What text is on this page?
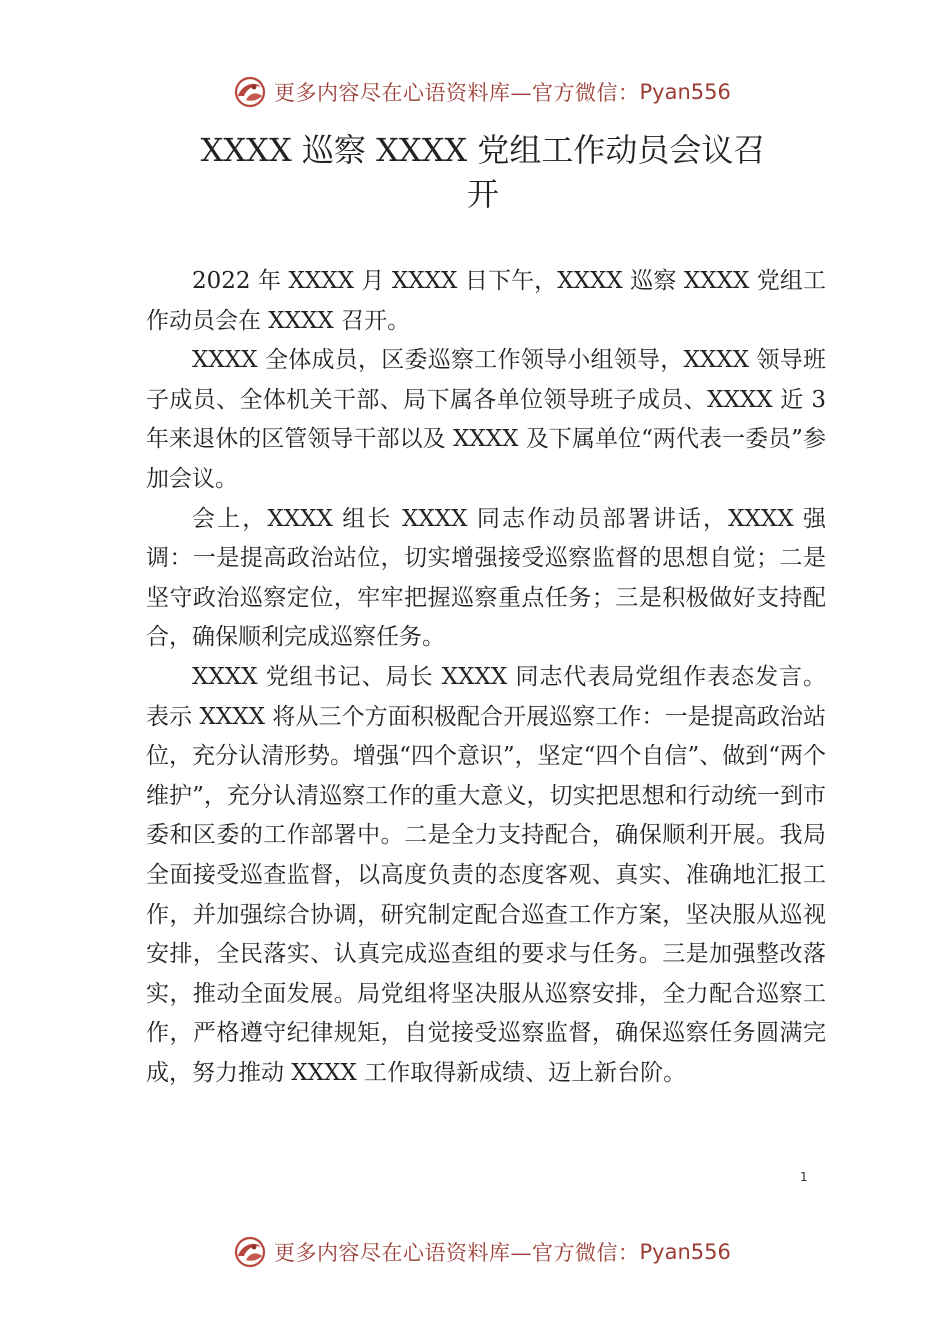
更多内容尽在心语资料库—官方微信： Pyan556
XXXX 巡察 XXXX 党组工作动员会议召
开

2022 年 XXXX 月 XXXX 日下午，XXXX 巡察 XXXX 党组工作动员会在 XXXX 召开。

XXXX 全体成员，区委巡察工作领导小组领导，XXXX 领导班子成员、全体机关干部、局下属各单位领导班子成员、XXXX 近 3 年来退休的区管领导干部以及 XXXX 及下属单位“两代表一委员”参加会议。

会上，XXXX 组长 XXXX 同志作动员部署讲话，XXXX 强调：一是提高政治站位，切实增强接受巡察监督的思想自觉；二是坚守政治巡察定位，牢牢把握巡察重点任务；三是积极做好支持配合，确保顺利完成巡察任务。

XXXX 党组书记、局长 XXXX 同志代表局党组作表态发言。表示 XXXX 将从三个方面积极配合开展巡察工作：一是提高政治站位，充分认清形势。增强“四个意识”，坚定“四个自信”、做到“两个维护”，充分认清巡察工作的重大意义，切实把思想和行动统一到市委和区委的工作部署中。二是全力支持配合，确保顺利开展。我局全面接受巡查监督，以高度负责的态度客观、真实、准确地汇报工作，并加强综合协调，研究制定配合巡查工作方案，坚决服从巡视安排，全民落实、认真完成巡查组的要求与任务。三是加强整改落实，推动全面发展。局党组将坚决服从巡察安排，全力配合巡察工作，严格遵守纪律规矩，自觉接受巡察监督，确保巡察任务圆满完成，努力推动 XXXX 工作取得新成绩、迈上新台阶。

1
更多内容尽在心语资料库—官方微信： Pyan556
